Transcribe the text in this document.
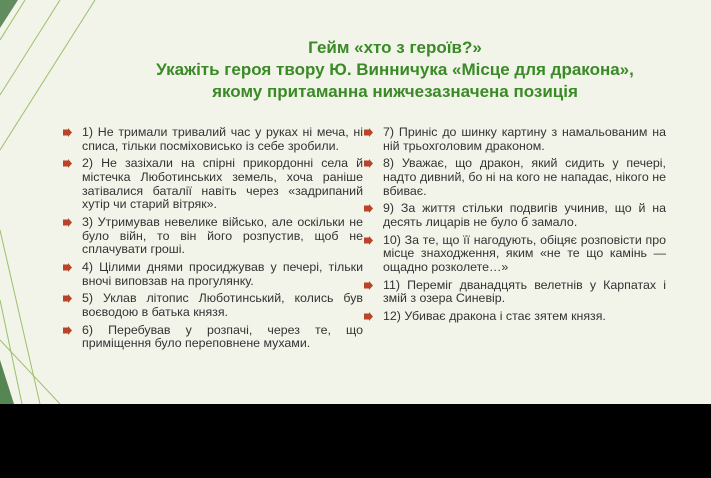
Гейм «хто з героїв?»
Укажіть героя твору Ю. Винничука «Місце для дракона»,
якому притаманна нижчезазначена позиція
1) Не тримали тривалий час у руках ні меча, ні списа, тільки посміховисько із себе зробили.
2) Не зазіхали на спірні прикордонні села й містечка Люботинських земель, хоча раніше затівалися баталії навіть через «задрипаний хутір чи старий вітряк».
3) Утримував невелике військо, але оскільки не було війн, то він його розпустив, щоб не сплачувати гроші.
4) Цілими днями просиджував у печері, тільки вночі виповзав на прогулянку.
5) Уклав літопис Люботинський, колись був воєводою в батька князя.
6) Перебував у розпачі, через те, що приміщення було переповнене мухами.
7) Приніс до шинку картину з намальованим на ній трьохголовим драконом.
8) Уважає, що дракон, який сидить у печері, надто дивний, бо ні на кого не нападає, нікого не вбиває.
9) За життя стільки подвигів учинив, що й на десять лицарів не було б замало.
10) За те, що її нагодують, обіцяє розповісти про місце знаходження, яким «не те що камінь — ощадно розколете…»
11) Переміг дванадцять велетнів у Карпатах і змій з озера Синевір.
12) Убиває дракона і стає зятем князя.
